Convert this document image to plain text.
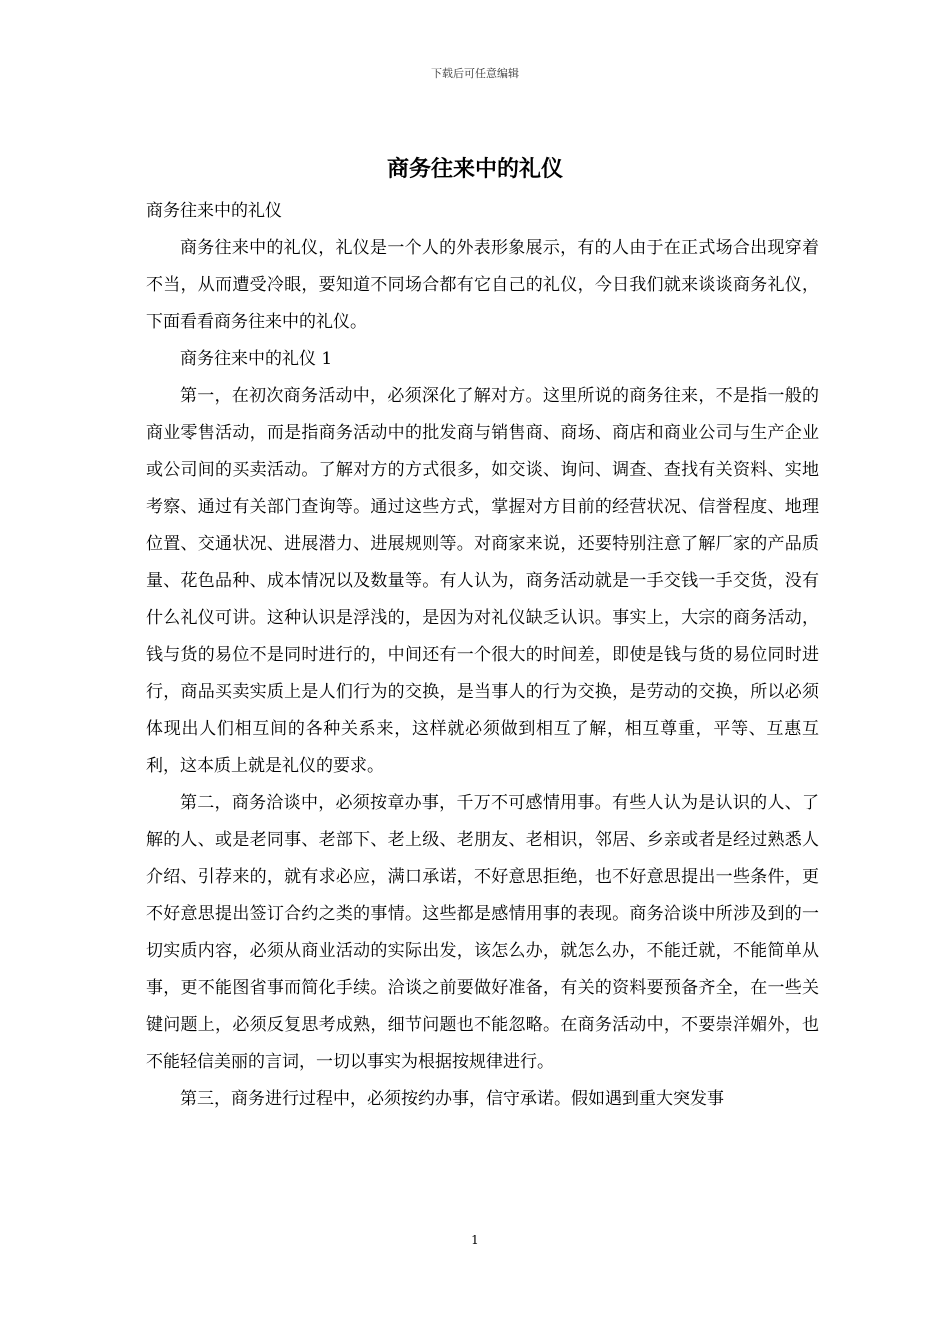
下载后可任意编辑
商务往来中的礼仪

商务往来中的礼仪

商务往来中的礼仪，礼仪是一个人的外表形象展示，有的人由于在正式场合出现穿着不当，从而遭受冷眼，要知道不同场合都有它自己的礼仪，今日我们就来谈谈商务礼仪，下面看看商务往来中的礼仪。

商务往来中的礼仪 1

第一，在初次商务活动中，必须深化了解对方。这里所说的商务往来，不是指一般的商业零售活动，而是指商务活动中的批发商与销售商、商场、商店和商业公司与生产企业或公司间的买卖活动。了解对方的方式很多，如交谈、询问、调查、查找有关资料、实地考察、通过有关部门查询等。通过这些方式，掌握对方目前的经营状况、信誉程度、地理位置、交通状况、进展潜力、进展规则等。对商家来说，还要特别注意了解厂家的产品质量、花色品种、成本情况以及数量等。有人认为，商务活动就是一手交钱一手交货，没有什么礼仪可讲。这种认识是浮浅的，是因为对礼仪缺乏认识。事实上，大宗的商务活动，钱与货的易位不是同时进行的，中间还有一个很大的时间差，即使是钱与货的易位同时进行，商品买卖实质上是人们行为的交换，是当事人的行为交换，是劳动的交换，所以必须体现出人们相互间的各种关系来，这样就必须做到相互了解，相互尊重，平等、互惠互利，这本质上就是礼仪的要求。

第二，商务洽谈中，必须按章办事，千万不可感情用事。有些人认为是认识的人、了解的人、或是老同事、老部下、老上级、老朋友、老相识，邻居、乡亲或者是经过熟悉人介绍、引荐来的，就有求必应，满口承诺，不好意思拒绝，也不好意思提出一些条件，更不好意思提出签订合约之类的事情。这些都是感情用事的表现。商务洽谈中所涉及到的一切实质内容，必须从商业活动的实际出发，该怎么办，就怎么办，不能迁就，不能简单从事，更不能图省事而简化手续。洽谈之前要做好准备，有关的资料要预备齐全，在一些关键问题上，必须反复思考成熟，细节问题也不能忽略。在商务活动中，不要崇洋媚外，也不能轻信美丽的言词，一切以事实为根据按规律进行。

第三，商务进行过程中，必须按约办事，信守承诺。假如遇到重大突发事

1
